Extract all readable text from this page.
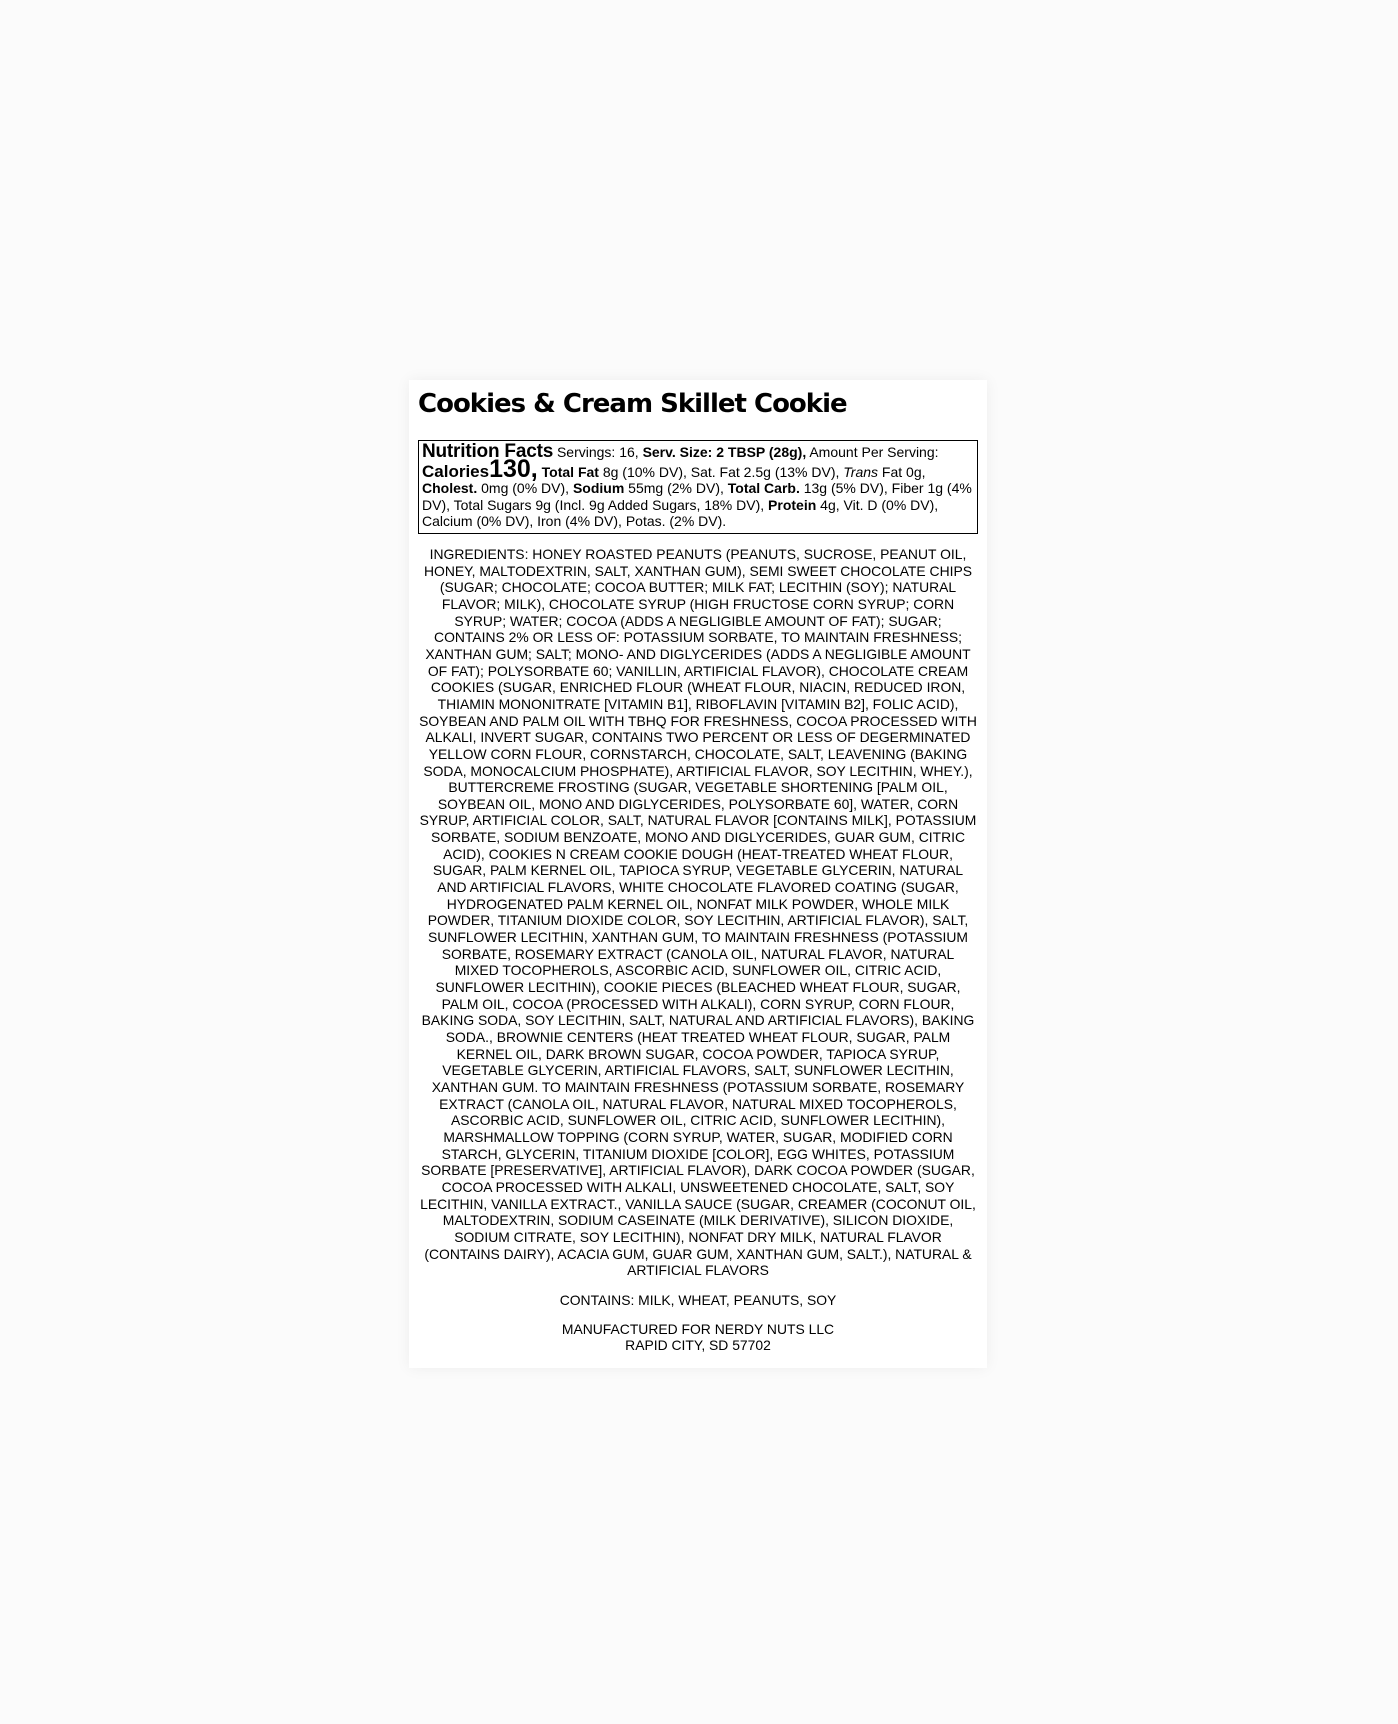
Cookies & Cream Skillet Cookie
Nutrition Facts Servings: 16, Serv. Size: 2 TBSP (28g), Amount Per Serving: Calories130, Total Fat 8g (10% DV), Sat. Fat 2.5g (13% DV), Trans Fat 0g, Cholest. 0mg (0% DV), Sodium 55mg (2% DV), Total Carb. 13g (5% DV), Fiber 1g (4% DV), Total Sugars 9g (Incl. 9g Added Sugars, 18% DV), Protein 4g, Vit. D (0% DV), Calcium (0% DV), Iron (4% DV), Potas. (2% DV).
INGREDIENTS: HONEY ROASTED PEANUTS (PEANUTS, SUCROSE, PEANUT OIL, HONEY, MALTODEXTRIN, SALT, XANTHAN GUM), SEMI SWEET CHOCOLATE CHIPS (SUGAR; CHOCOLATE; COCOA BUTTER; MILK FAT; LECITHIN (SOY); NATURAL FLAVOR; MILK), CHOCOLATE SYRUP (HIGH FRUCTOSE CORN SYRUP; CORN SYRUP; WATER; COCOA (ADDS A NEGLIGIBLE AMOUNT OF FAT); SUGAR; CONTAINS 2% OR LESS OF: POTASSIUM SORBATE, TO MAINTAIN FRESHNESS; XANTHAN GUM; SALT; MONO- AND DIGLYCERIDES (ADDS A NEGLIGIBLE AMOUNT OF FAT); POLYSORBATE 60; VANILLIN, ARTIFICIAL FLAVOR), CHOCOLATE CREAM COOKIES (SUGAR, ENRICHED FLOUR (WHEAT FLOUR, NIACIN, REDUCED IRON, THIAMIN MONONITRATE [VITAMIN B1], RIBOFLAVIN [VITAMIN B2], FOLIC ACID), SOYBEAN AND PALM OIL WITH TBHQ FOR FRESHNESS, COCOA PROCESSED WITH ALKALI, INVERT SUGAR, CONTAINS TWO PERCENT OR LESS OF DEGERMINATED YELLOW CORN FLOUR, CORNSTARCH, CHOCOLATE, SALT, LEAVENING (BAKING SODA, MONOCALCIUM PHOSPHATE), ARTIFICIAL FLAVOR, SOY LECITHIN, WHEY.), BUTTERCREME FROSTING (SUGAR, VEGETABLE SHORTENING [PALM OIL, SOYBEAN OIL, MONO AND DIGLYCERIDES, POLYSORBATE 60], WATER, CORN SYRUP, ARTIFICIAL COLOR, SALT, NATURAL FLAVOR [CONTAINS MILK], POTASSIUM SORBATE, SODIUM BENZOATE, MONO AND DIGLYCERIDES, GUAR GUM, CITRIC ACID), COOKIES N CREAM COOKIE DOUGH (HEAT-TREATED WHEAT FLOUR, SUGAR, PALM KERNEL OIL, TAPIOCA SYRUP, VEGETABLE GLYCERIN, NATURAL AND ARTIFICIAL FLAVORS, WHITE CHOCOLATE FLAVORED COATING (SUGAR, HYDROGENATED PALM KERNEL OIL, NONFAT MILK POWDER, WHOLE MILK POWDER, TITANIUM DIOXIDE COLOR, SOY LECITHIN, ARTIFICIAL FLAVOR), SALT, SUNFLOWER LECITHIN, XANTHAN GUM, TO MAINTAIN FRESHNESS (POTASSIUM SORBATE, ROSEMARY EXTRACT (CANOLA OIL, NATURAL FLAVOR, NATURAL MIXED TOCOPHEROLS, ASCORBIC ACID, SUNFLOWER OIL, CITRIC ACID, SUNFLOWER LECITHIN), COOKIE PIECES (BLEACHED WHEAT FLOUR, SUGAR, PALM OIL, COCOA (PROCESSED WITH ALKALI), CORN SYRUP, CORN FLOUR, BAKING SODA, SOY LECITHIN, SALT, NATURAL AND ARTIFICIAL FLAVORS), BAKING SODA., BROWNIE CENTERS (HEAT TREATED WHEAT FLOUR, SUGAR, PALM KERNEL OIL, DARK BROWN SUGAR, COCOA POWDER, TAPIOCA SYRUP, VEGETABLE GLYCERIN, ARTIFICIAL FLAVORS, SALT, SUNFLOWER LECITHIN, XANTHAN GUM. TO MAINTAIN FRESHNESS (POTASSIUM SORBATE, ROSEMARY EXTRACT (CANOLA OIL, NATURAL FLAVOR, NATURAL MIXED TOCOPHEROLS, ASCORBIC ACID, SUNFLOWER OIL, CITRIC ACID, SUNFLOWER LECITHIN), MARSHMALLOW TOPPING (CORN SYRUP, WATER, SUGAR, MODIFIED CORN STARCH, GLYCERIN, TITANIUM DIOXIDE [COLOR], EGG WHITES, POTASSIUM SORBATE [PRESERVATIVE], ARTIFICIAL FLAVOR), DARK COCOA POWDER (SUGAR, COCOA PROCESSED WITH ALKALI, UNSWEETENED CHOCOLATE, SALT, SOY LECITHIN, VANILLA EXTRACT., VANILLA SAUCE (SUGAR, CREAMER (COCONUT OIL, MALTODEXTRIN, SODIUM CASEINATE (MILK DERIVATIVE), SILICON DIOXIDE, SODIUM CITRATE, SOY LECITHIN), NONFAT DRY MILK, NATURAL FLAVOR (CONTAINS DAIRY), ACACIA GUM, GUAR GUM, XANTHAN GUM, SALT.), NATURAL & ARTIFICIAL FLAVORS
CONTAINS: MILK, WHEAT, PEANUTS, SOY
MANUFACTURED FOR NERDY NUTS LLC
RAPID CITY, SD 57702
